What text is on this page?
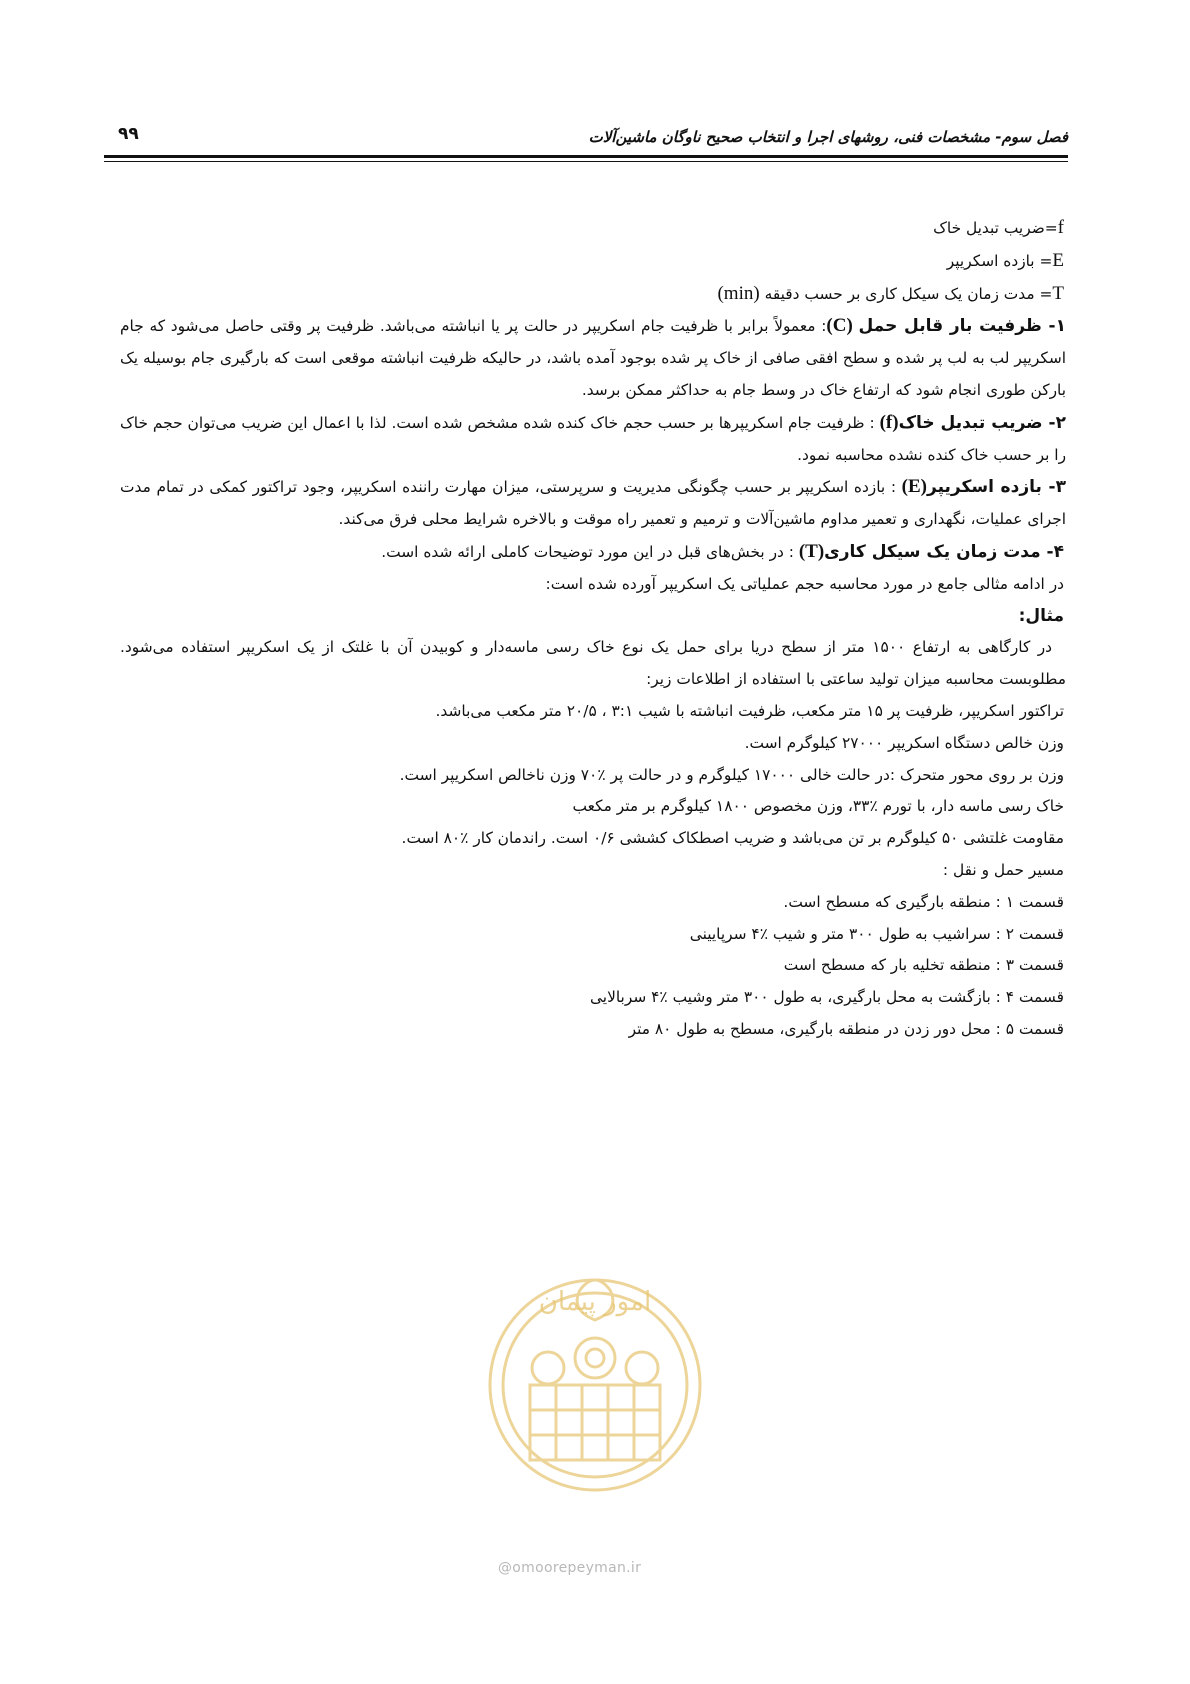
فصل سوم- مشخصات فنی، روشهای اجرا و انتخاب صحیح ناوگان ماشین‌آلات
۹۹

f=ضریب تبدیل خاک

E= بازده اسکریپر

T= مدت زمان یک سیکل کاری بر حسب دقیقه (min)

۱- ظرفیت بار قابل حمل (C): معمولاً برابر با ظرفیت جام اسکریپر در حالت پر یا انباشته می‌باشد. ظرفیت پر وقتی حاصل می‌شود که جام اسکریپر لب به لب پر شده و سطح افقی صافی از خاک پر شده بوجود آمده باشد، در حالیکه ظرفیت انباشته موقعی است که بارگیری جام بوسیله یک بارکن طوری انجام شود که ارتفاع خاک در وسط جام به حداکثر ممکن برسد.

۲- ضریب تبدیل خاک(f) : ظرفیت جام اسکریپرها بر حسب حجم خاک کنده شده مشخص شده است. لذا با اعمال این ضریب می‌توان حجم خاک را بر حسب خاک کنده نشده محاسبه نمود.

۳- بازده اسکریپر(E) : بازده اسکریپر بر حسب چگونگی مدیریت و سرپرستی، میزان مهارت راننده اسکریپر، وجود تراکتور کمکی در تمام مدت اجرای عملیات، نگهداری و تعمیر مداوم ماشین‌آلات و ترمیم و تعمیر راه موقت و بالاخره شرایط محلی فرق می‌کند.

۴- مدت زمان یک سیکل کاری(T) : در بخش‌های قبل در این مورد توضیحات کاملی ارائه شده است.

در ادامه مثالی جامع در مورد محاسبه حجم عملیاتی یک اسکریپر آورده شده است:

مثال:

در کارگاهی به ارتفاع ۱۵۰۰ متر از سطح دریا برای حمل یک نوع خاک رسی ماسه‌دار و کوبیدن آن با غلتک از یک اسکریپر استفاده می‌شود. مطلوبست محاسبه میزان تولید ساعتی با استفاده از اطلاعات زیر:

تراکتور اسکریپر، ظرفیت پر ۱۵ متر مکعب، ظرفیت انباشته با شیب ۳:۱ ، ۲۰/۵ متر مکعب می‌باشد.

وزن خالص دستگاه اسکریپر ۲۷۰۰۰ کیلوگرم است.

وزن بر روی محور متحرک :در حالت خالی ۱۷۰۰۰ کیلوگرم و در حالت پر ٪۷۰ وزن ناخالص اسکریپر است.

خاک رسی ماسه دار، با تورم ٪۳۳، وزن مخصوص ۱۸۰۰ کیلوگرم بر متر مکعب

مقاومت غلتشی ۵۰ کیلوگرم بر تن می‌باشد و ضریب اصطکاک کششی ۰/۶ است. راندمان کار ٪۸۰ است.

مسیر حمل و نقل :

قسمت ۱ : منطقه بارگیری که مسطح است.

قسمت ۲ : سراشیب به طول ۳۰۰ متر و شیب ٪۴ سرپایینی

قسمت ۳ : منطقه تخلیه بار که مسطح است

قسمت ۴ : بازگشت به محل بارگیری، به طول ۳۰۰ متر وشیب ٪۴ سربالایی

قسمت ۵ : محل دور زدن در منطقه بارگیری، مسطح به طول ۸۰ متر

امور پیمان
@omoorepeyman.ir
